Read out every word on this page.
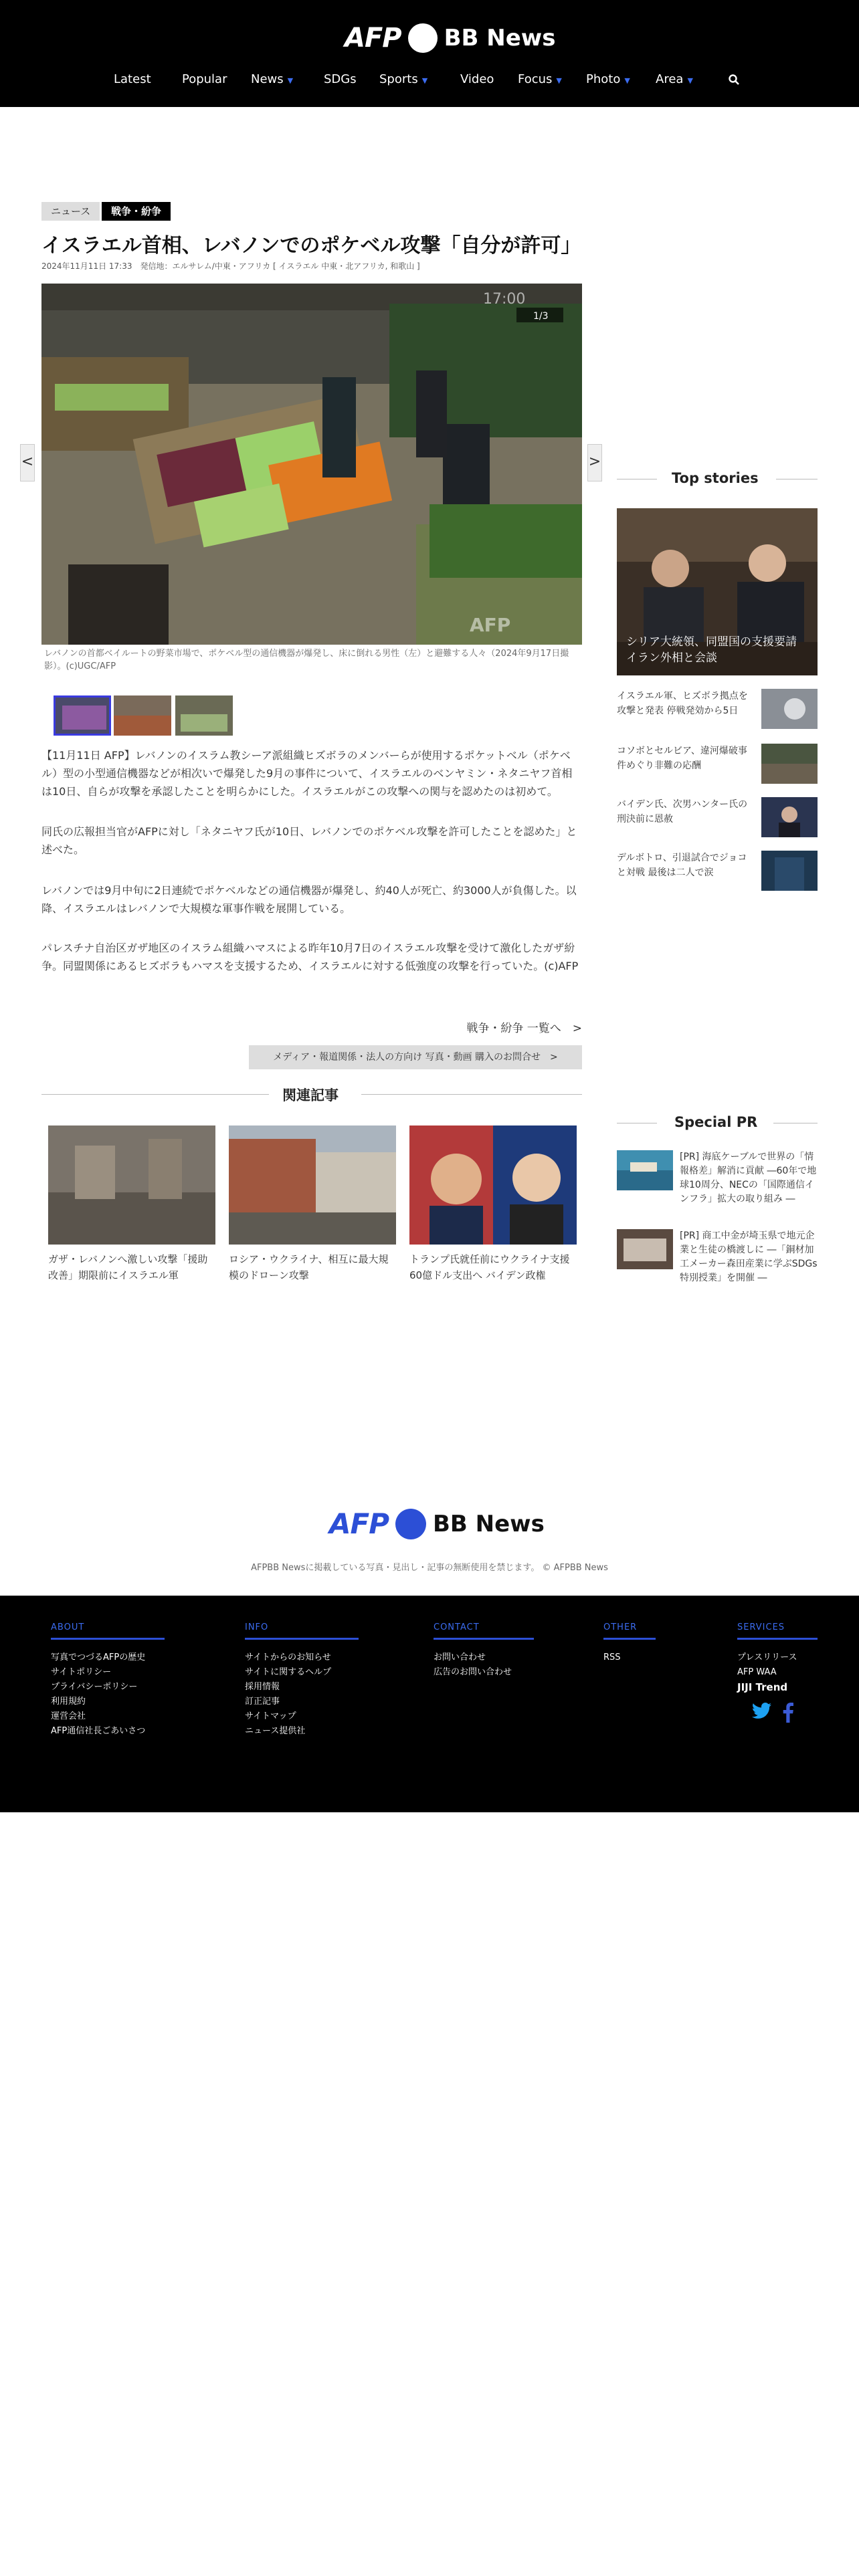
AFP BB News
Latest	Popular News ▼	SDGs Sports ▼	Video Focus ▼ Photo ▼ Area ▼
ニュース	戦争・紛争
イスラエル首相、レバノンでのポケベル攻撃「自分が許可」
2024年11月11日 17:33　発信地：エルサレム/中東・アフリカ [ イスラエル 中東・北アフリカ, 和歌山 ]
<	>
17:00
1/3
AFP
レバノンの首都ベイルートの野菜市場で、ポケベル型の通信機器が爆発し、床に倒れる男性（左）と避難する人々（2024年9月17日撮影）。(c)UGC/AFP

【11月11日 AFP】レバノンのイスラム教シーア派組織ヒズボラのメンバーらが使用するポケットベル（ポケベル）型の小型通信機器などが相次いで爆発した9月の事件について、イスラエルのベンヤミン・ネタニヤフ首相は10日、自らが攻撃を承認したことを明らかにした。イスラエルがこの攻撃への関与を認めたのは初めて。

同氏の広報担当官がAFPに対し「ネタニヤフ氏が10日、レバノンでのポケベル攻撃を許可したことを認めた」と述べた。

レバノンでは9月中旬に2日連続でポケベルなどの通信機器が爆発し、約40人が死亡、約3000人が負傷した。以降、イスラエルはレバノンで大規模な軍事作戦を展開している。

パレスチナ自治区ガザ地区のイスラム組織ハマスによる昨年10月7日のイスラエル攻撃を受けて激化したガザ紛争。同盟関係にあるヒズボラもハマスを支援するため、イスラエルに対する低強度の攻撃を行っていた。(c)AFP

戦争・紛争 一覧へ　>
メディア・報道関係・法人の方向け 写真・動画 購入のお問合せ　>
関連記事
ガザ・レバノンへ激しい攻撃「援助改善」期限前にイスラエル軍
ロシア・ウクライナ、相互に最大規模のドローン攻撃
トランプ氏就任前にウクライナ支援60億ドル支出へ バイデン政権
Top stories
シリア大統領、同盟国の支援要請 イラン外相と会談
イスラエル軍、ヒズボラ拠点を攻撃と発表 停戦発効から5日
コソボとセルビア、違河爆破事件めぐり非難の応酬
バイデン氏、次男ハンター氏の刑決前に恩赦
デルボトロ、引退試合でジョコと対戦 最後は二人で涙
Special PR
[PR] 海底ケーブルで世界の「情報格差」解消に貢献 ―60年で地球10周分、NECの「国際通信インフラ」拡大の取り組み ―
[PR] 商工中金が埼玉県で地元企業と生徒の橋渡しに ―「銅材加工メーカー森田産業に学ぶSDGs特別授業」を開催 ―
AFP BB News
AFPBB Newsに掲載している写真・見出し・記事の無断使用を禁じます。 © AFPBB News
ABOUT
写真でつづるAFPの歴史
サイトポリシー
プライバシーポリシー
利用規約
運営会社
AFP通信社長ごあいさつ
INFO
サイトからのお知らせ
サイトに関するヘルプ
採用情報
訂正記事
サイトマップ
ニュース提供社
CONTACT
お問い合わせ
広告のお問い合わせ
OTHER
RSS
SERVICES
プレスリリース
AFP WAA
JIJI Trend
